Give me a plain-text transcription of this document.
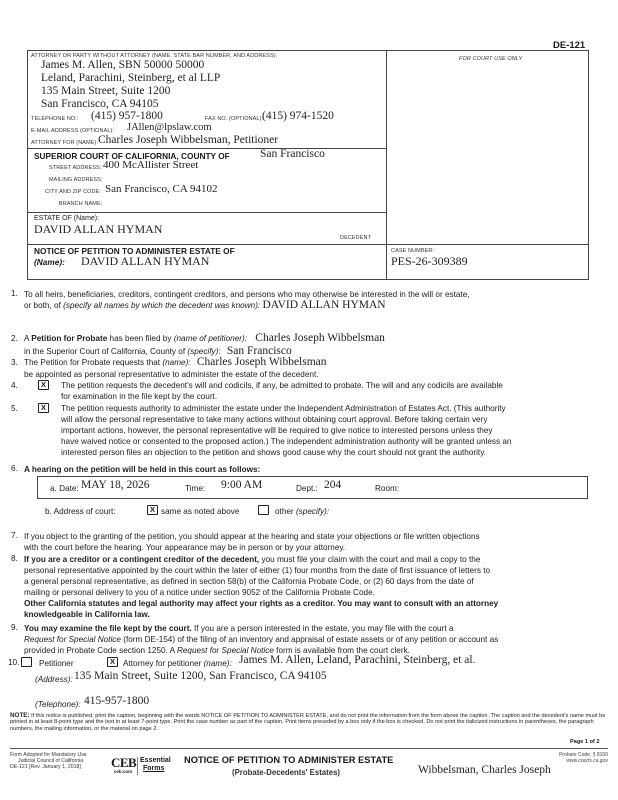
DE-121
ATTORNEY OR PARTY WITHOUT ATTORNEY (NAME, STATE BAR NUMBER, AND ADDRESS):
James M. Allen, SBN 50000 50000
Leland, Parachini, Steinberg, et al LLP
135 Main Street, Suite 1200
San Francisco, CA 94105
TELEPHONE NO.: (415) 957-1800	FAX NO. (OPTIONAL):
(415) 974-1520
E-MAIL ADDRESS (OPTIONAL): JAllen@lpslaw.com
ATTORNEY FOR (NAME): Charles Joseph Wibbelsman, Petitioner
FOR COURT USE ONLY
SUPERIOR COURT OF CALIFORNIA, COUNTY OF	San Francisco
STREET ADDRESS: 400 McAllister Street
MAILING ADDRESS:
CITY AND ZIP CODE: San Francisco, CA 94102
BRANCH NAME:
ESTATE OF (Name):
DAVID ALLAN HYMAN
DECEDENT
NOTICE OF PETITION TO ADMINISTER ESTATE OF
(Name): DAVID ALLAN HYMAN
CASE NUMBER:
PES-26-309389
1. To all heirs, beneficiaries, creditors, contingent creditors, and persons who may otherwise be interested in the will or estate,
or both, of (specify all names by which the decedent was known): DAVID ALLAN HYMAN
2. A Petition for Probate has been filed by (name of petitioner): Charles Joseph Wibbelsman
in the Superior Court of California, County of (specify): San Francisco
3. The Petition for Probate requests that (name): Charles Joseph Wibbelsman
be appointed as personal representative to administer the estate of the decedent.
4.	X	The petition requests the decedent's will and codicils, if any, be admitted to probate. The will and any codicils are available
for examination in the file kept by the court.
5.	X	The petition requests authority to administer the estate under the Independent Administration of Estates Act. (This authority
will allow the personal representative to take many actions without obtaining court approval. Before taking certain very
important actions, however, the personal representative will be required to give notice to interested persons unless they
have waived notice or consented to the proposed action.) The independent administration authority will be granted unless an
interested person files an objection to the petition and shows good cause why the court should not grant the authority.
6. A hearing on the petition will be held in this court as follows:
a. Date: MAY 18, 2026	Time: 9:00 AM	Dept.: 204	Room:
b. Address of court:	X same as noted above	other (specify):
7. If you object to the granting of the petition, you should appear at the hearing and state your objections or file written objections
with the court before the hearing. Your appearance may be in person or by your attorney.
8. If you are a creditor or a contingent creditor of the decedent, you must file your claim with the court and mail a copy to the
personal representative appointed by the court within the later of either (1) four months from the date of first issuance of letters to
a general personal representative, as defined in section 58(b) of the California Probate Code, or (2) 60 days from the date of
mailing or personal delivery to you of a notice under section 9052 of the California Probate Code.
Other California statutes and legal authority may affect your rights as a creditor. You may want to consult with an attorney
knowledgeable in California law.
9. You may examine the file kept by the court. If you are a person interested in the estate, you may file with the court a
Request for Special Notice (form DE-154) of the filing of an inventory and appraisal of estate assets or of any petition or account as
provided in Probate Code section 1250. A Request for Special Notice form is available from the court clerk.
10. Petitioner	X Attorney for petitioner (name): James M. Allen, Leland, Parachini, Steinberg, et al.
(Address): 135 Main Street, Suite 1200, San Francisco, CA 94105
(Telephone): 415-957-1800
NOTE: If this notice is published, print the caption, beginning with the words NOTICE OF PETITION TO ADMINISTER ESTATE, and do not print the information from the form above the caption. The caption and the decedent's name must be printed in at least 8-point type and the text in at least 7-point type. Print the case number as part of the caption. Print items preceded by a box only if the box is checked. Do not print the italicized instructions in parentheses, the paragraph numbers, the mailing information, or the material on page 2.
Page 1 of 2
Form Adopted for Mandatory Use
Judicial Council of California
DE-121 [Rev. January 1, 2018]	CEB
ceb.com
Essential
Forms
NOTICE OF PETITION TO ADMINISTER ESTATE
(Probate-Decedents' Estates)
Probate Code, § 8100
www.courts.ca.gov
Wibbelsman, Charles Joseph
